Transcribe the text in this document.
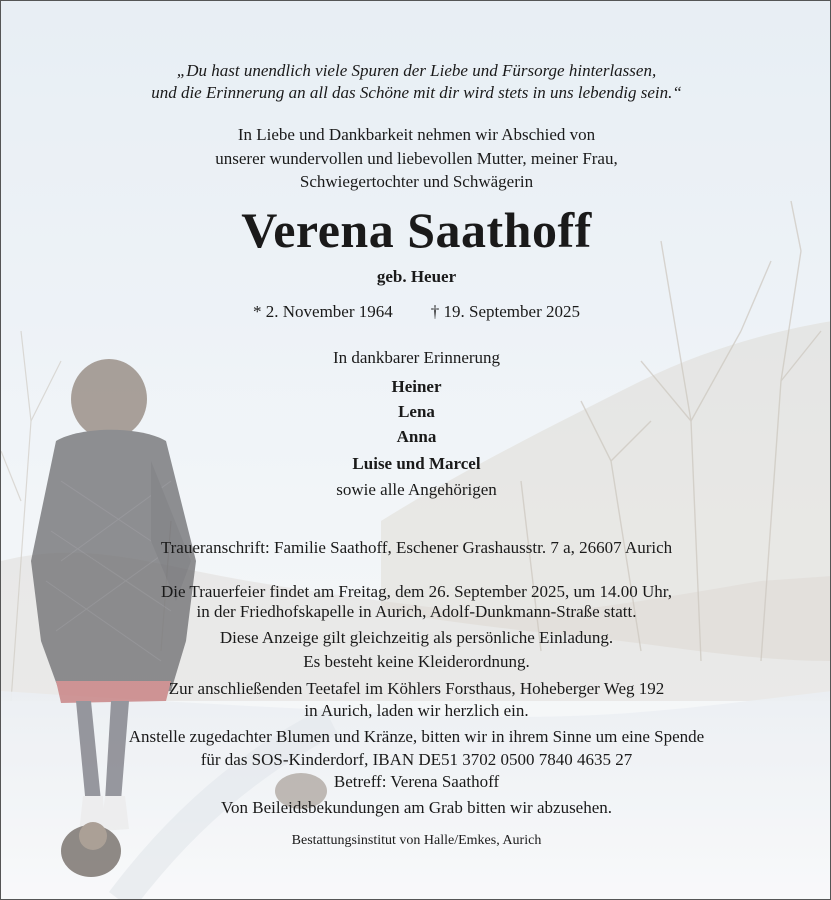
„Du hast unendlich viele Spuren der Liebe und Fürsorge hinterlassen,
und die Erinnerung an all das Schöne mit dir wird stets in uns lebendig sein.“
In Liebe und Dankbarkeit nehmen wir Abschied von
unserer wundervollen und liebevollen Mutter, meiner Frau,
Schwiegertochter und Schwägerin
Verena Saathoff
geb. Heuer
* 2. November 1964 † 19. September 2025
In dankbarer Erinnerung
Heiner
Lena
Anna
Luise und Marcel
sowie alle Angehörigen
Traueranschrift: Familie Saathoff, Eschener Grashausstr. 7 a, 26607 Aurich
Die Trauerfeier findet am Freitag, dem 26. September 2025, um 14.00 Uhr,
in der Friedhofskapelle in Aurich, Adolf-Dunkmann-Straße statt.
Diese Anzeige gilt gleichzeitig als persönliche Einladung.
Es besteht keine Kleiderordnung.
Zur anschließenden Teetafel im Köhlers Forsthaus, Hoheberger Weg 192
in Aurich, laden wir herzlich ein.
Anstelle zugedachter Blumen und Kränze, bitten wir in ihrem Sinne um eine Spende
für das SOS-Kinderdorf, IBAN DE51 3702 0500 7840 4635 27
Betreff: Verena Saathoff
Von Beileidsbekundungen am Grab bitten wir abzusehen.
Bestattungsinstitut von Halle/Emkes, Aurich
